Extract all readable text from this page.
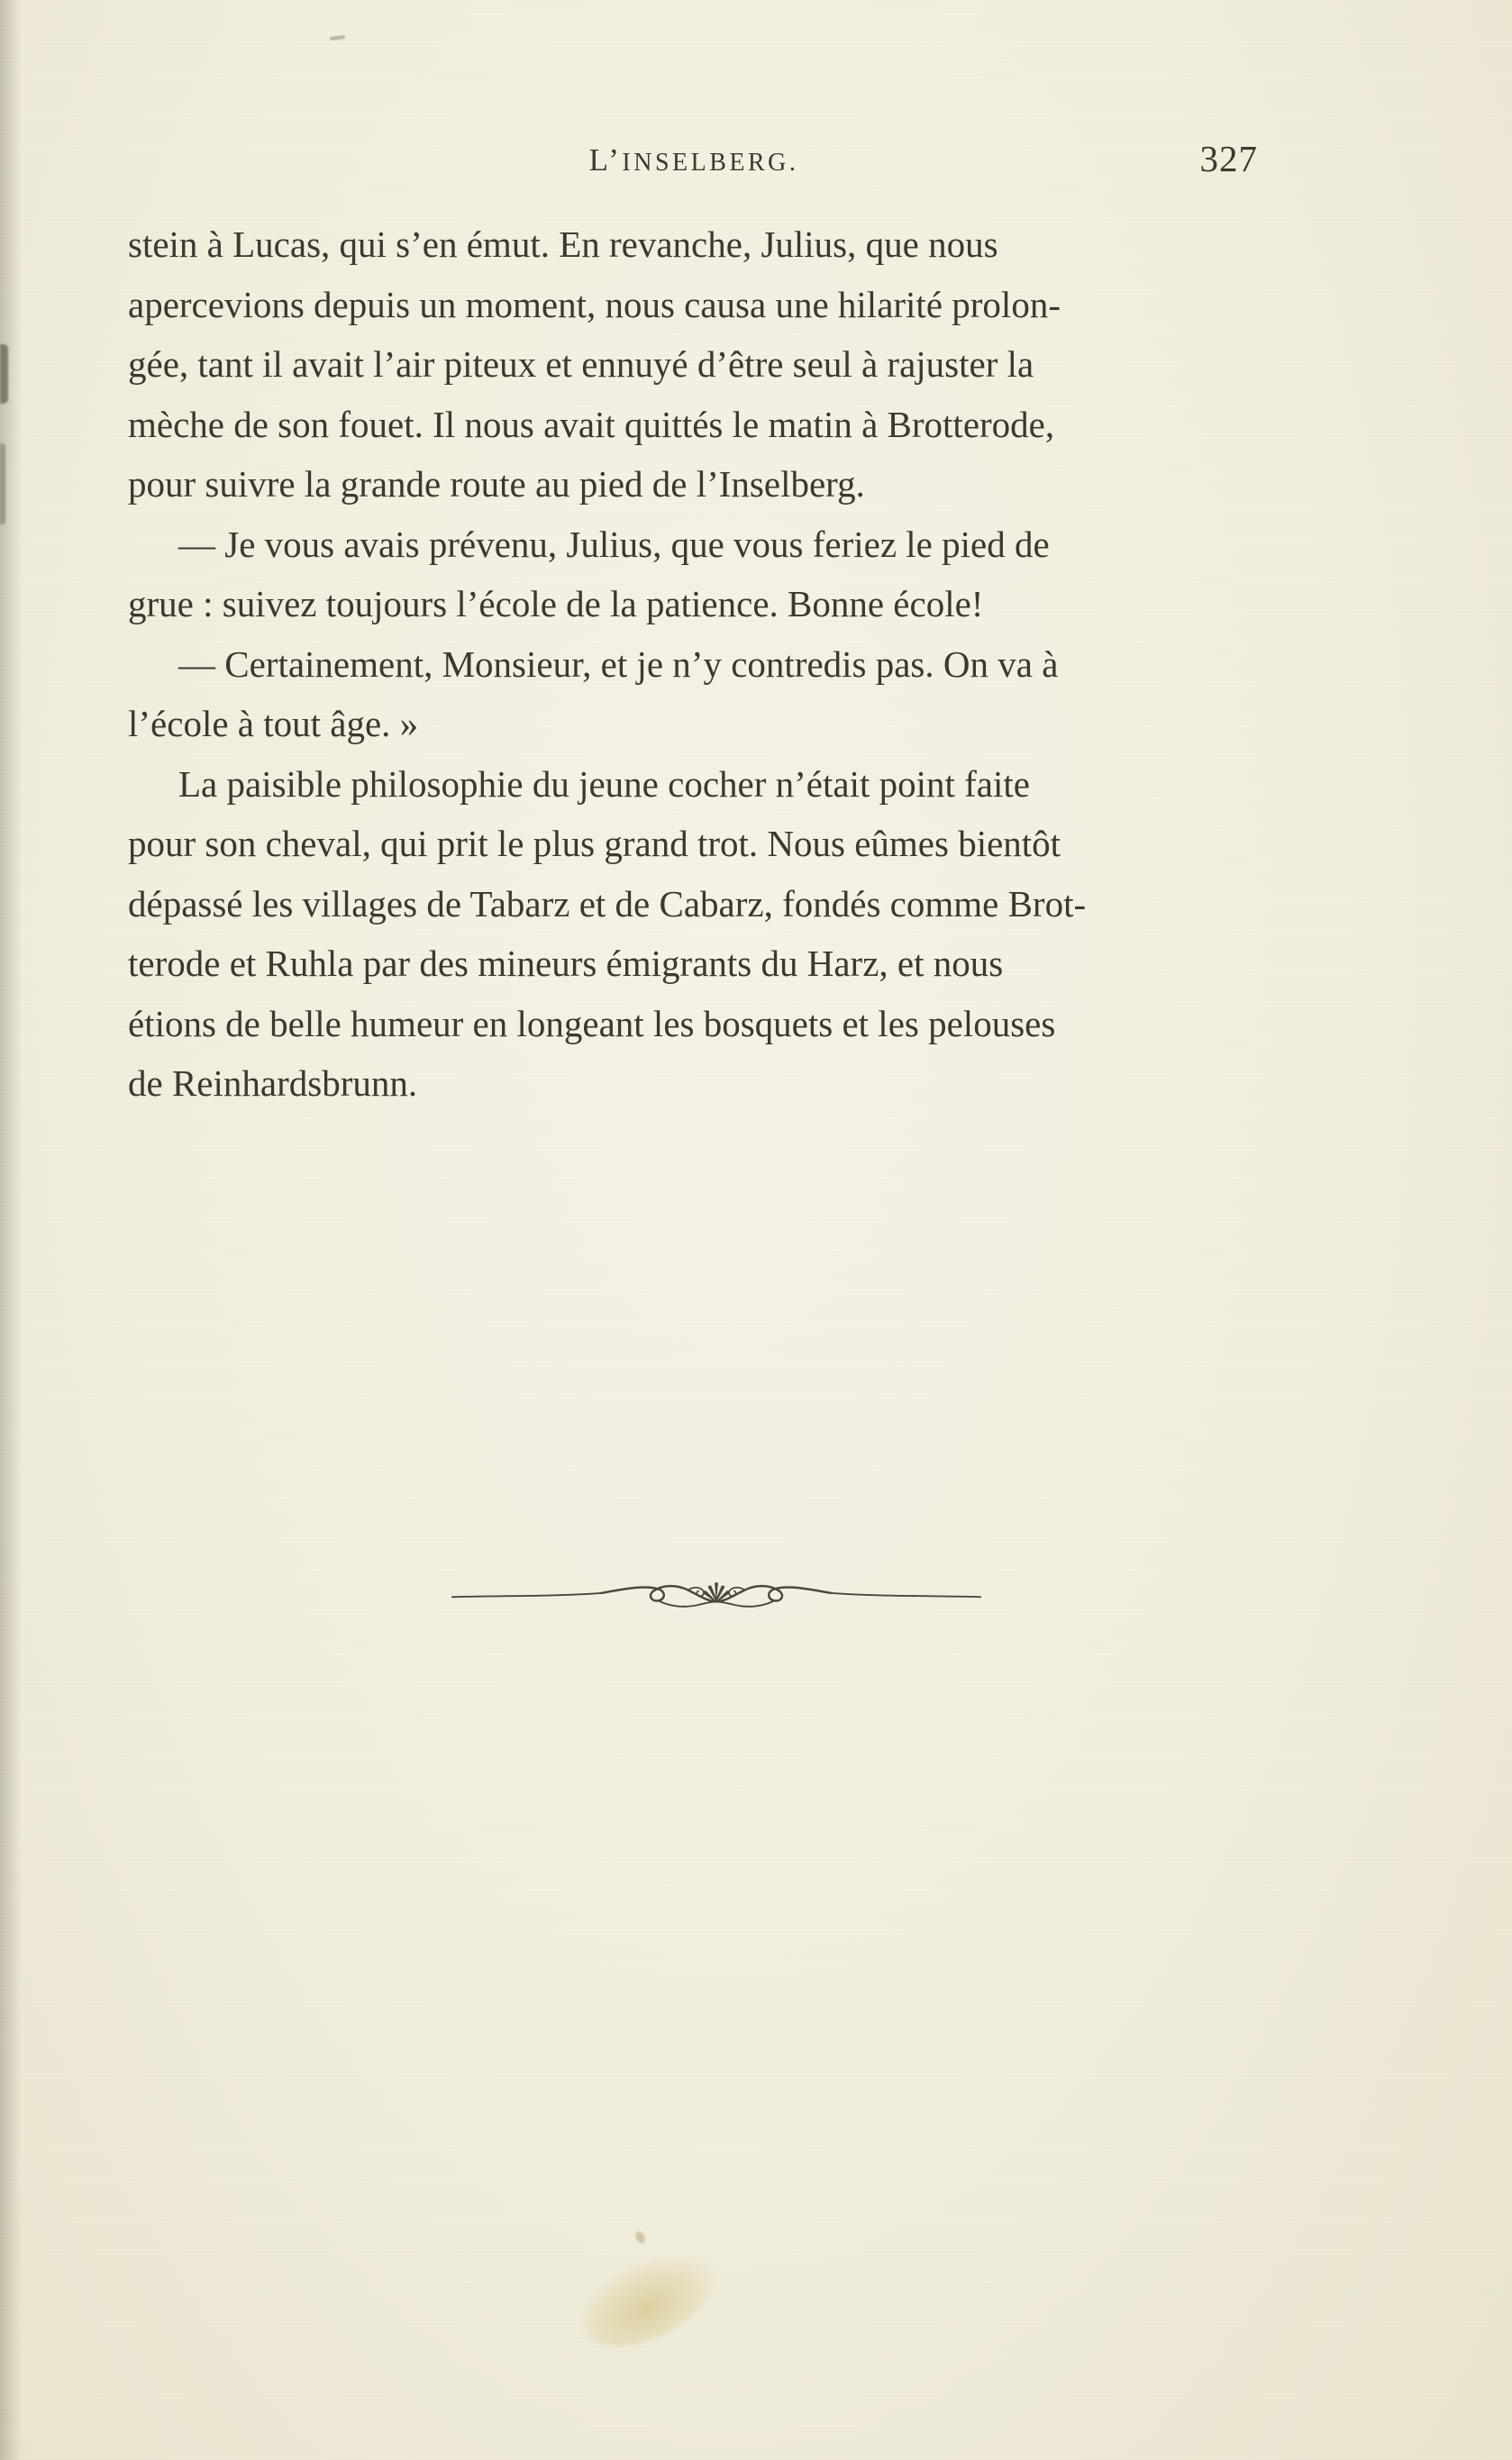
L’INSELBERG.	327
stein à Lucas, qui s’en émut. En revanche, Julius, que nous
apercevions depuis un moment, nous causa une hilarité prolon-
gée, tant il avait l’air piteux et ennuyé d’être seul à rajuster la
mèche de son fouet. Il nous avait quittés le matin à Brotterode,
pour suivre la grande route au pied de l’Inselberg.
— Je vous avais prévenu, Julius, que vous feriez le pied de
grue : suivez toujours l’école de la patience. Bonne école!
— Certainement, Monsieur, et je n’y contredis pas. On va à
l’école à tout âge. »
La paisible philosophie du jeune cocher n’était point faite
pour son cheval, qui prit le plus grand trot. Nous eûmes bientôt
dépassé les villages de Tabarz et de Cabarz, fondés comme Brot-
terode et Ruhla par des mineurs émigrants du Harz, et nous
étions de belle humeur en longeant les bosquets et les pelouses
de Reinhardsbrunn.
